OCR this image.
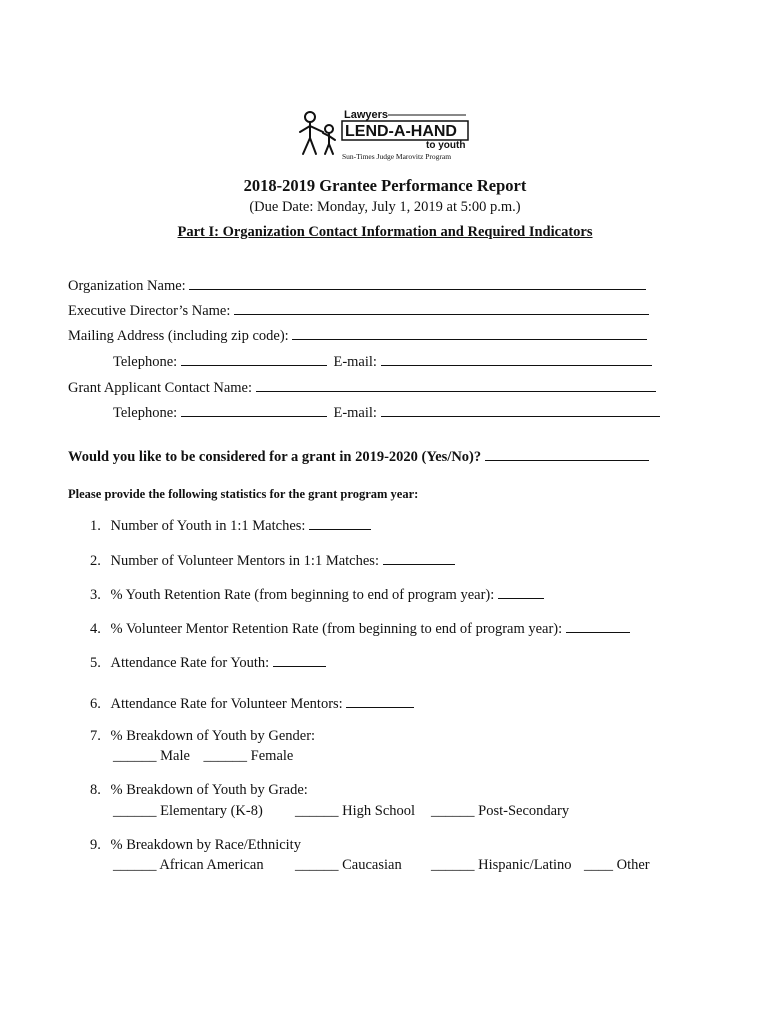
Lawyers
LEND-A-HAND
to youth
Sun-Times Judge Marovitz Program
2018-2019 Grantee Performance Report
(Due Date: Monday, July 1, 2019 at 5:00 p.m.)
Part I: Organization Contact Information and Required Indicators
Organization Name:
Executive Director’s Name:
Mailing Address (including zip code):
Telephone:	E-mail:
Grant Applicant Contact Name:
Telephone:	E-mail:
Would you like to be considered for a grant in 2019-2020 (Yes/No)?
Please provide the following statistics for the grant program year:
1. Number of Youth in 1:1 Matches:
2. Number of Volunteer Mentors in 1:1 Matches:
3. % Youth Retention Rate (from beginning to end of program year):
4. % Volunteer Mentor Retention Rate (from beginning to end of program year):
5. Attendance Rate for Youth:
6. Attendance Rate for Volunteer Mentors:
7. % Breakdown of Youth by Gender:
______ Male ______ Female
8. % Breakdown of Youth by Grade:
______ Elementary (K-8) ______ High School ______ Post-Secondary
9. % Breakdown by Race/Ethnicity
______ African American ______ Caucasian ______ Hispanic/Latino ____ Other
